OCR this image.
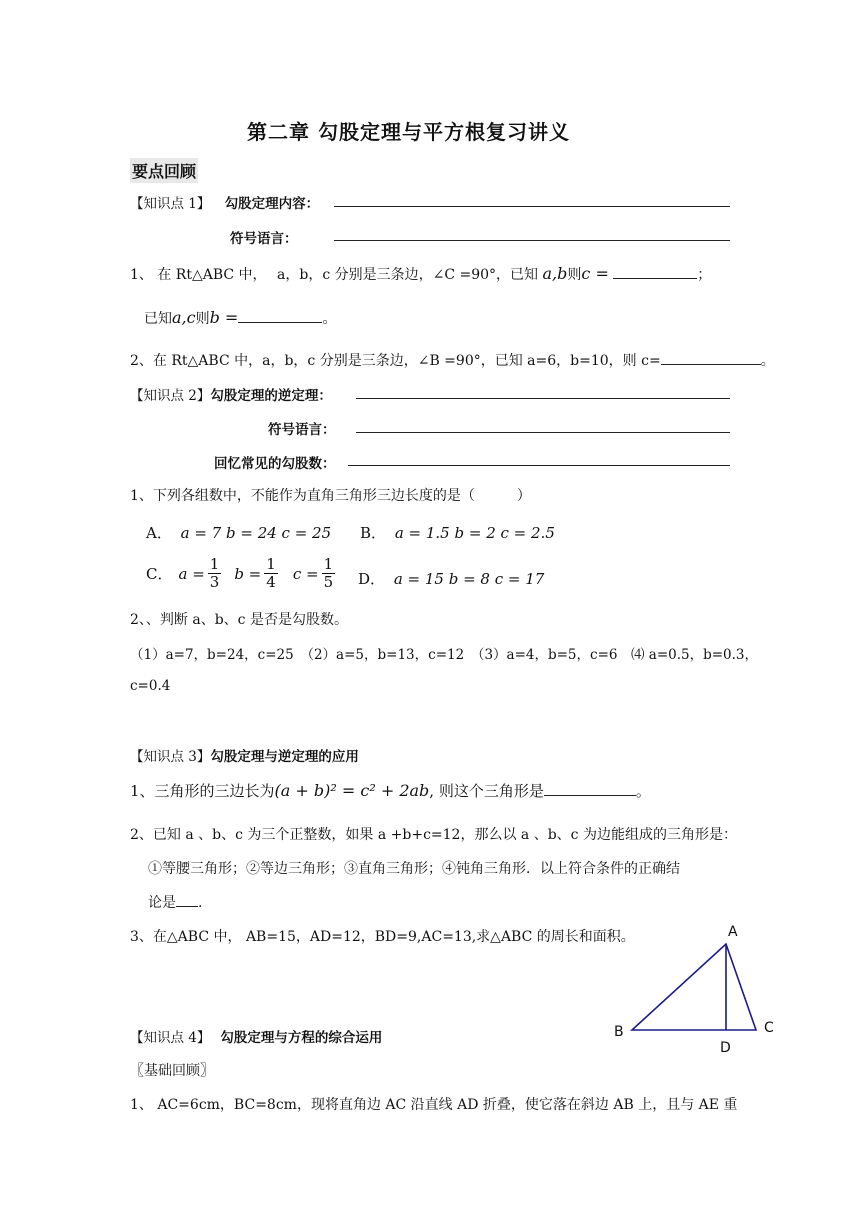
第二章 勾股定理与平方根复习讲义
要点回顾
【知识点 1】 勾股定理内容：
符号语言：
1、 在 Rt△ABC 中， a，b，c 分别是三条边，∠C =90°，已知 a,b则c =	；
已知a,c则b =	。
2、在 Rt△ABC 中，a，b，c 分别是三条边，∠B =90°，已知 a=6，b=10，则 c=	。
【知识点 2】勾股定理的逆定理：
符号语言：
回忆常见的勾股数：
1、下列各组数中，不能作为直角三角形三边长度的是（　　　）
A． a = 7 b = 24 c = 25 B． a = 1.5 b = 2 c = 2.5
C． $a = \frac{1}{3}$ $b = \frac{1}{4}$ $c = \frac{1}{5}$ D． a = 15 b = 8 c = 17
2、、判断 a、b、c 是否是勾股数。
（1）a=7，b=24，c=25　（2）a=5，b=13，c=12　（3）a=4，b=5，c=6　⑷ a=0.5，b=0.3，
c=0.4
【知识点 3】勾股定理与逆定理的应用
1、三角形的三边长为(a + b)² = c² + 2ab, 则这个三角形是	。
2、已知 a 、b、c 为三个正整数，如果 a +b+c=12，那么以 a 、b、c 为边能组成的三角形是：
①等腰三角形；②等边三角形；③直角三角形；④钝角三角形．以上符合条件的正确结
论是 .
3、在△ABC 中， AB=15，AD=12，BD=9,AC=13,求△ABC 的周长和面积。	A
B	C
D
【知识点 4】 勾股定理与方程的综合运用
〖基础回顾〗
1、 AC=6cm，BC=8cm，现将直角边 AC 沿直线 AD 折叠，使它落在斜边 AB 上，且与 AE 重
